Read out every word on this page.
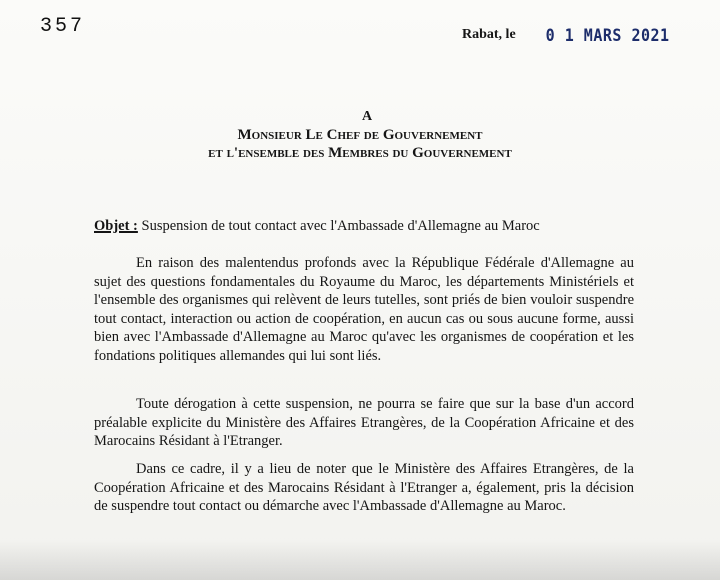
357	Rabat, le 0 1 MARS 2021
A
Monsieur Le Chef de Gouvernement
et l'ensemble des Membres du Gouvernement
Objet : Suspension de tout contact avec l'Ambassade d'Allemagne au Maroc

En raison des malentendus profonds avec la République Fédérale d'Allemagne au sujet des questions fondamentales du Royaume du Maroc, les départements Ministériels et l'ensemble des organismes qui relèvent de leurs tutelles, sont priés de bien vouloir suspendre tout contact, interaction ou action de coopération, en aucun cas ou sous aucune forme, aussi bien avec l'Ambassade d'Allemagne au Maroc qu'avec les organismes de coopération et les fondations politiques allemandes qui lui sont liés.

Toute dérogation à cette suspension, ne pourra se faire que sur la base d'un accord préalable explicite du Ministère des Affaires Etrangères, de la Coopération Africaine et des Marocains Résidant à l'Etranger.

Dans ce cadre, il y a lieu de noter que le Ministère des Affaires Etrangères, de la Coopération Africaine et des Marocains Résidant à l'Etranger a, également, pris la décision de suspendre tout contact ou démarche avec l'Ambassade d'Allemagne au Maroc.
